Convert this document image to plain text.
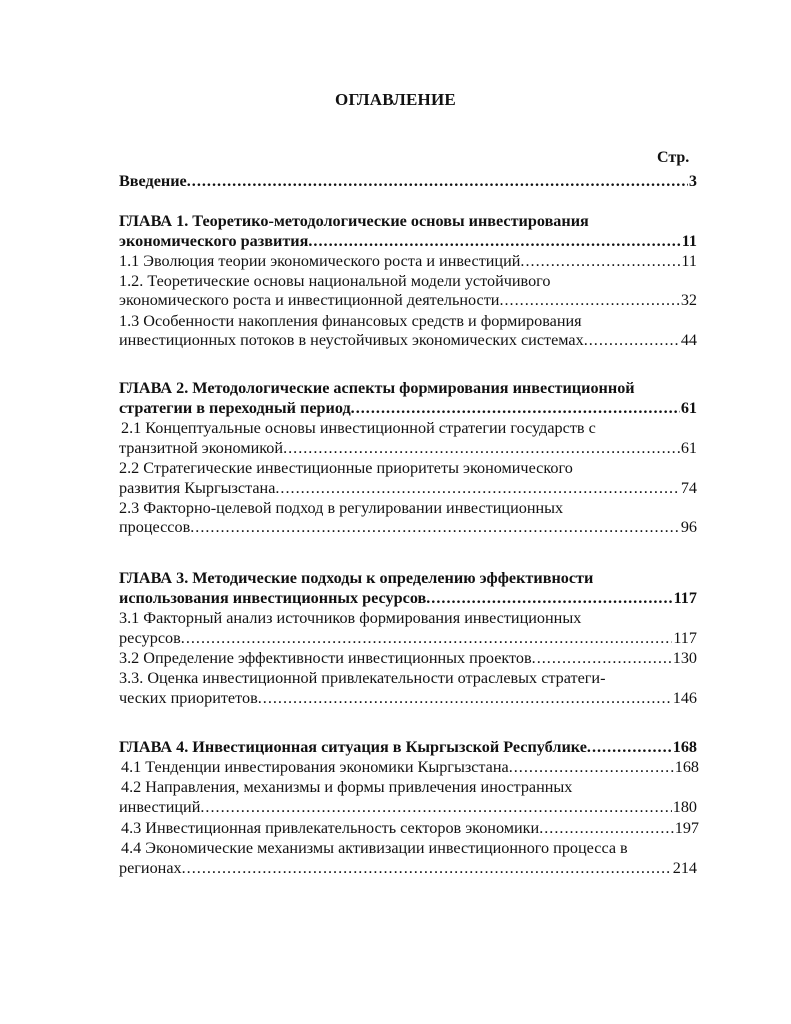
ОГЛАВЛЕНИЕ
Стр.
Введение .....	3
ГЛАВА 1. Теоретико-методологические основы инвестирования
экономического развития .....	11
1.1 Эволюция теории экономического роста и инвестиций .....	11
1.2. Теоретические основы национальной модели устойчивого
экономического роста и инвестиционной деятельности .....	32
1.3 Особенности накопления финансовых средств и формирования
инвестиционных потоков в неустойчивых экономических системах .....	44
ГЛАВА 2. Методологические аспекты формирования инвестиционной
стратегии в переходный период .....	61
2.1 Концептуальные основы инвестиционной стратегии государств с
транзитной экономикой .....	61
2.2 Стратегические инвестиционные приоритеты экономического
развития Кыргызстана .....	74
2.3 Факторно-целевой подход в регулировании инвестиционных
процессов .....	96
ГЛАВА 3. Методические подходы к определению эффективности
использования инвестиционных ресурсов .....	117
3.1 Факторный анализ источников формирования инвестиционных
ресурсов .....	117
3.2 Определение эффективности инвестиционных проектов .....	130
3.3. Оценка инвестиционной привлекательности отраслевых стратеги-
ческих приоритетов .....	146
ГЛАВА 4. Инвестиционная ситуация в Кыргызской Республике .....	168
4.1 Тенденции инвестирования экономики Кыргызстана .....	168
4.2 Направления, механизмы и формы привлечения иностранных
инвестиций .....	180
4.3 Инвестиционная привлекательность секторов экономики .....	197
4.4 Экономические механизмы активизации инвестиционного процесса в
регионах .....	214
